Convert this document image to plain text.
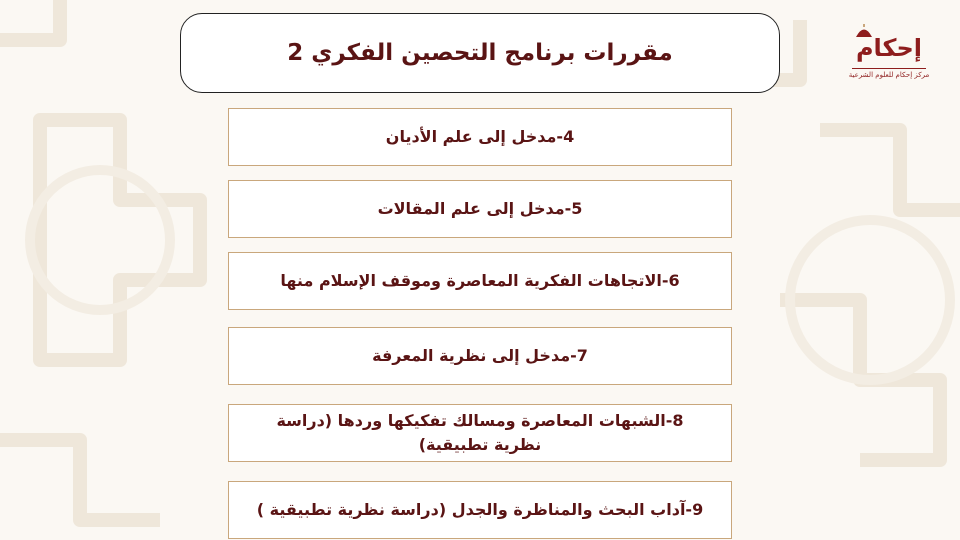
إحكام
مركز إحكام للعلوم الشرعية
مقررات برنامج التحصين الفكري 2
4-مدخل إلى علم الأديان
5-مدخل إلى علم المقالات
6-الاتجاهات الفكرية المعاصرة وموقف الإسلام منها
7-مدخل إلى نظرية المعرفة
8-الشبهات المعاصرة ومسالك تفكيكها وردها (دراسة نظرية تطبيقية)
9-آداب البحث والمناظرة والجدل (دراسة نظرية تطبيقية )
